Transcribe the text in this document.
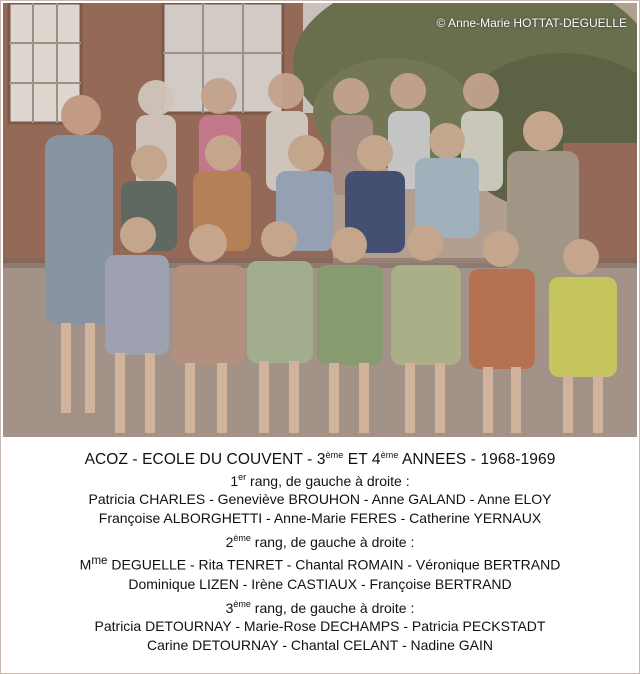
© Anne-Marie HOTTAT-DEGUELLE
ACOZ - ECOLE DU COUVENT - 3ème ET 4ème ANNEES - 1968-1969
1er rang, de gauche à droite :
Patricia CHARLES - Geneviève BROUHON - Anne GALAND - Anne ELOY
Françoise ALBORGHETTI - Anne-Marie FERES - Catherine YERNAUX
2ème rang, de gauche à droite :
$M^{me}$ DEGUELLE - Rita TENRET - Chantal ROMAIN - Véronique BERTRAND
Dominique LIZEN - Irène CASTIAUX - Françoise BERTRAND
3ème rang, de gauche à droite :
Patricia DETOURNAY - Marie-Rose DECHAMPS - Patricia PECKSTADT
Carine DETOURNAY - Chantal CELANT - Nadine GAIN
